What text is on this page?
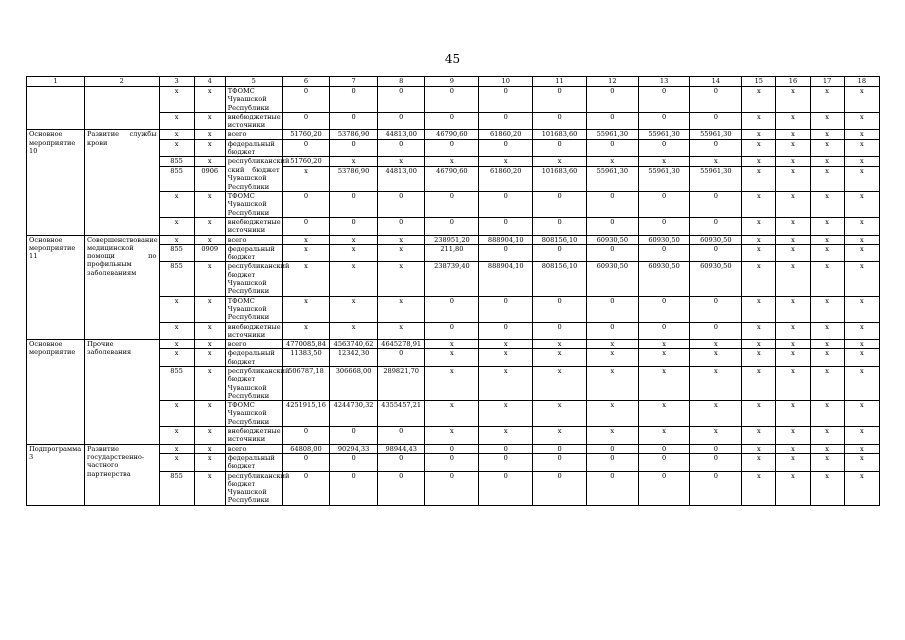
45
1	2	3	4	5	6	7	8	9	10	11	12	13	14	15	16	17	18
		x	x	ТФОМС Чувашской Республики	0	0	0	0	0	0	0	0	0	x	x	x	x
		x	x	внебюджетные источники	0	0	0	0	0	0	0	0	0	x	x	x	x
Основное мероприятие 10	Развитие службы крови	x	x	всего	51760,20	53786,90	44813,00	46790,60	61860,20	101683,60	55961,30	55961,30	55961,30	x	x	x	x
		x	x	федеральный бюджет	0	0	0	0	0	0	0	0	0	x	x	x	x
		855	x	республиканский	51760,20	x	x	x	x	x	x	x	x	x	x	x	x
		855	0906	ский бюджет Чувашской Республики	x	53786,90	44813,00	46790,60	61860,20	101683,60	55961,30	55961,30	55961,30	x	x	x	x
		x	x	ТФОМС Чувашской Республики	0	0	0	0	0	0	0	0	0	x	x	x	x
		x	x	внебюджетные источники	0	0	0	0	0	0	0	0	0	x	x	x	x
Основное мероприятие 11	Совершенствование медицинской помощи по профильным заболеваниям	x	x	всего	x	x	x	238951,20	888904,10	808156,10	60930,50	60930,50	60930,50	x	x	x	x
		855	0909	федеральный бюджет	x	x	x	211,80	0	0	0	0	0	x	x	x	x
		855	x	республиканский бюджет Чувашской Республики	x	x	x	238739,40	888904,10	808156,10	60930,50	60930,50	60930,50	x	x	x	x
		x	x	ТФОМС Чувашской Республики	x	x	x	0	0	0	0	0	0	x	x	x	x
		x	x	внебюджетные источники	x	x	x	0	0	0	0	0	0	x	x	x	x
Основное мероприятие	Прочие заболевания	x	x	всего	4770085,84	4563740,62	4645278,91	x	x	x	x	x	x	x	x	x	x
		x	x	федеральный бюджет	11383,50	12342,30	0	x	x	x	x	x	x	x	x	x	x
		855	x	республиканский бюджет Чувашской Республики	506787,18	306668,00	289821,70	x	x	x	x	x	x	x	x	x	x
		x	x	ТФОМС Чувашской Республики	4251915,16	4244730,32	4355457,21	x	x	x	x	x	x	x	x	x	x
		x	x	внебюджетные источники	0	0	0	x	x	x	x	x	x	x	x	x	x
Подпрограмма 3	Развитие государственно-частного партнерства	x	x	всего	64808,00	90294,33	98944,43	0	0	0	0	0	0	x	x	x	x
		x	x	федеральный бюджет	0	0	0	0	0	0	0	0	0	x	x	x	x
		855	x	республиканский бюджет Чувашской Республики	0	0	0	0	0	0	0	0	0	x	x	x	x
